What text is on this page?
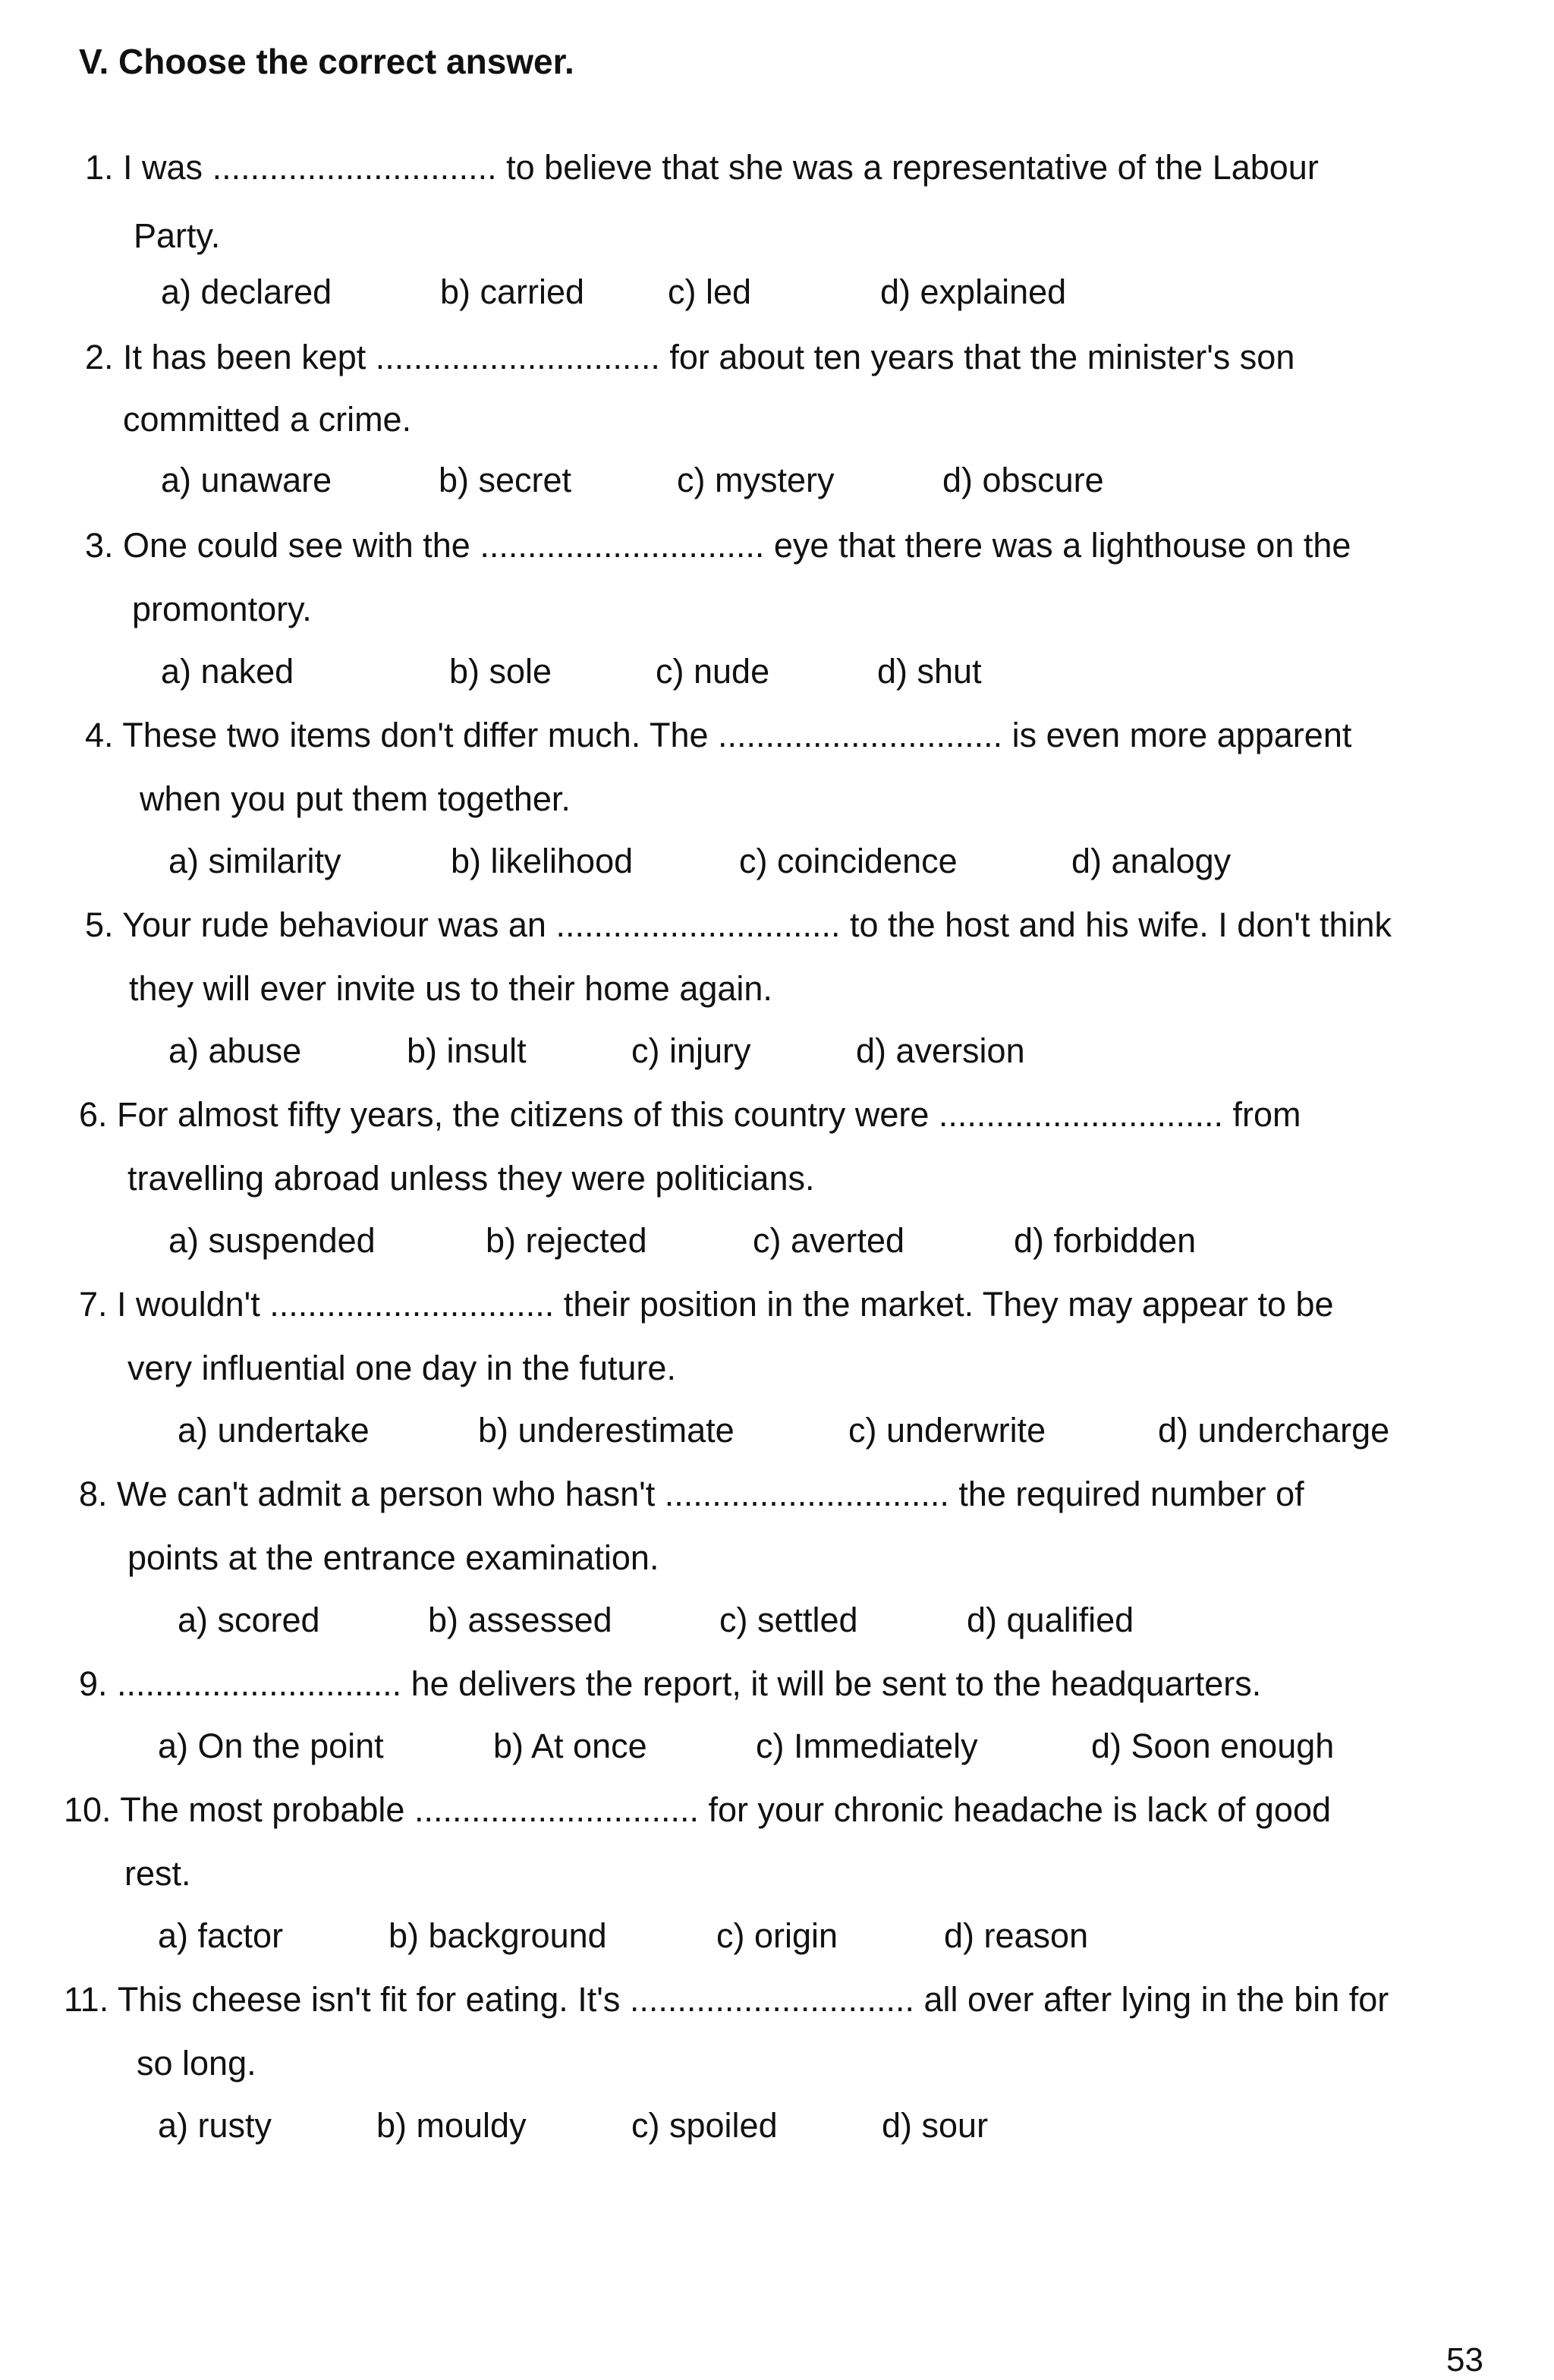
V. Choose the correct answer.
1. I was .............................. to believe that she was a representative of the Labour
Party.
a) declared	b) carried c) led	d) explained
2. It has been kept .............................. for about ten years that the minister's son
committed a crime.
a) unaware	b) secret	c) mystery	d) obscure
3. One could see with the .............................. eye that there was a lighthouse on the
promontory.
a) naked	b) sole	c) nude	d) shut
4. These two items don't differ much. The .............................. is even more apparent
when you put them together.
a) similarity	b) likelihood	c) coincidence	d) analogy
5. Your rude behaviour was an .............................. to the host and his wife. I don't think
they will ever invite us to their home again.
a) abuse	b) insult	c) injury	d) aversion
6. For almost fifty years, the citizens of this country were .............................. from
travelling abroad unless they were politicians.
a) suspended	b) rejected	c) averted	d) forbidden
7. I wouldn't .............................. their position in the market. They may appear to be
very influential one day in the future.
a) undertake	b) underestimate	c) underwrite	d) undercharge
8. We can't admit a person who hasn't .............................. the required number of
points at the entrance examination.
a) scored	b) assessed	c) settled	d) qualified
9. .............................. he delivers the report, it will be sent to the headquarters.
a) On the point	b) At once	c) Immediately	d) Soon enough
10. The most probable .............................. for your chronic headache is lack of good
rest.
a) factor	b) background	c) origin	d) reason
11. This cheese isn't fit for eating. It's .............................. all over after lying in the bin for
so long.
a) rusty	b) mouldy	c) spoiled	d) sour
53
